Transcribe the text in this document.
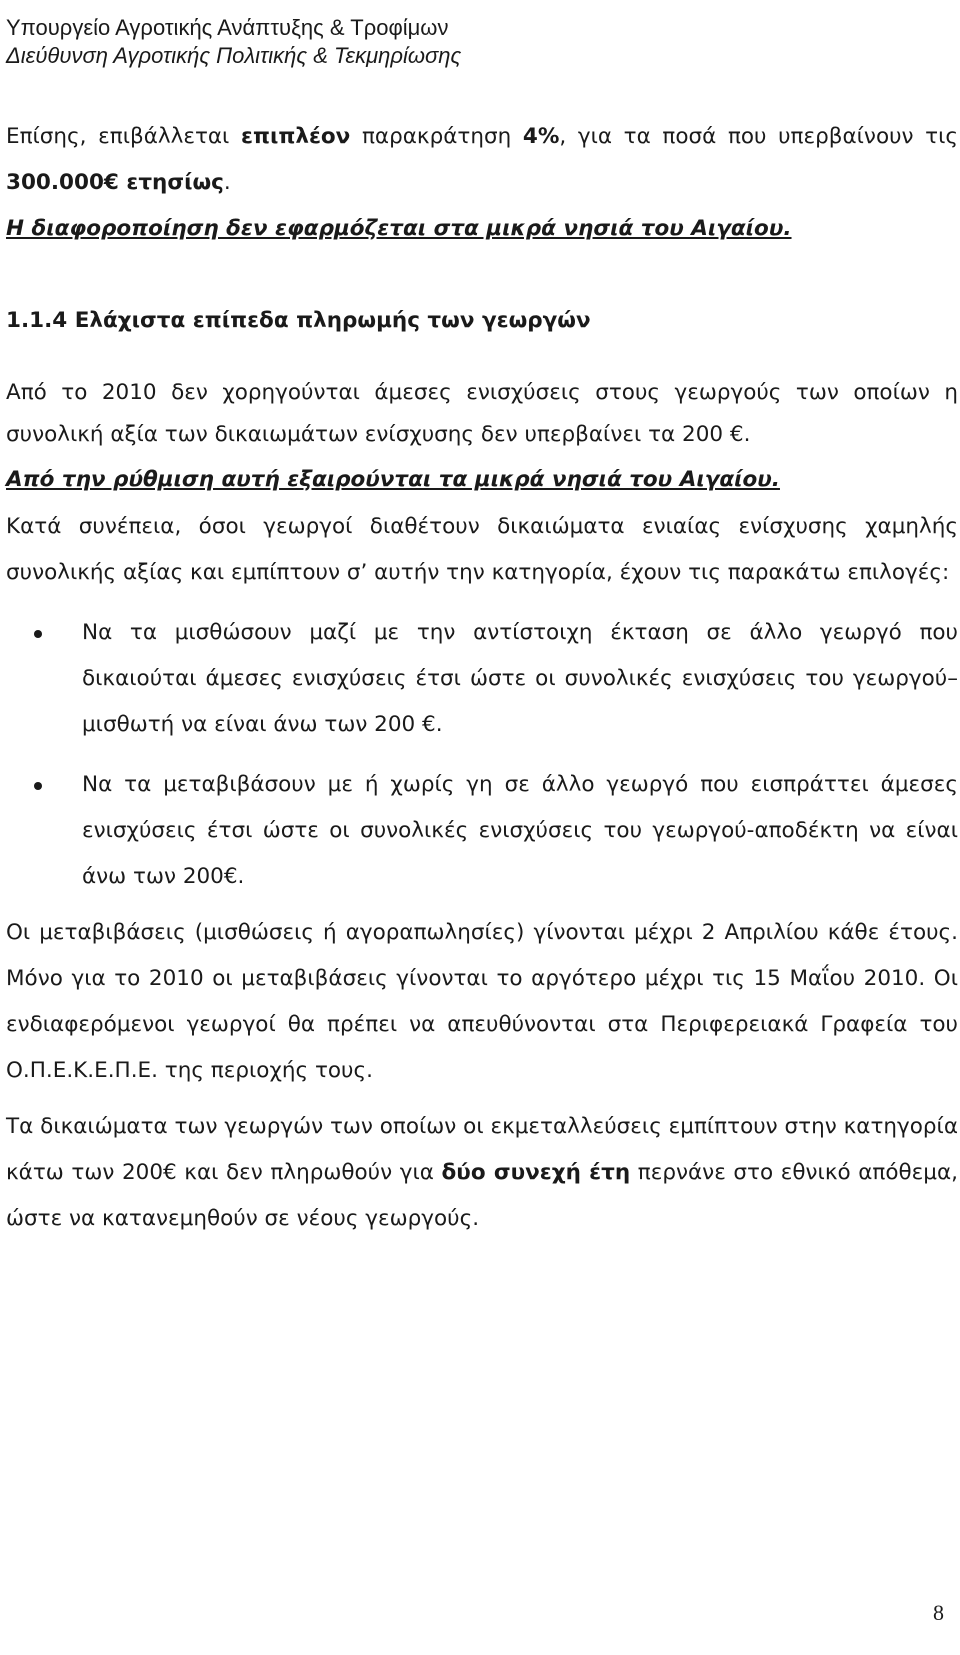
Υπουργείο Αγροτικής Ανάπτυξης & Τροφίμων
Διεύθυνση Αγροτικής Πολιτικής & Τεκμηρίωσης

Επίσης, επιβάλλεται επιπλέον παρακράτηση 4%, για τα ποσά που υπερβαίνουν τις 300.000€ ετησίως.

Η διαφοροποίηση δεν εφαρμόζεται στα μικρά νησιά του Αιγαίου.

1.1.4 Ελάχιστα επίπεδα πληρωμής των γεωργών

Από το 2010 δεν χορηγούνται άμεσες ενισχύσεις στους γεωργούς των οποίων η συνολική αξία των δικαιωμάτων ενίσχυσης δεν υπερβαίνει τα 200 €.

Από την ρύθμιση αυτή εξαιρούνται τα μικρά νησιά του Αιγαίου.

Κατά συνέπεια, όσοι γεωργοί διαθέτουν δικαιώματα ενιαίας ενίσχυσης χαμηλής συνολικής αξίας και εμπίπτουν σ’ αυτήν την κατηγορία, έχουν τις παρακάτω επιλογές:

Να τα μισθώσουν μαζί με την αντίστοιχη έκταση σε άλλο γεωργό που δικαιούται άμεσες ενισχύσεις έτσι ώστε οι συνολικές ενισχύσεις του γεωργού– μισθωτή να είναι άνω των 200 €.
Να τα μεταβιβάσουν με ή χωρίς γη σε άλλο γεωργό που εισπράττει άμεσες ενισχύσεις έτσι ώστε οι συνολικές ενισχύσεις του γεωργού-αποδέκτη να είναι άνω των 200€.

Οι μεταβιβάσεις (μισθώσεις ή αγοραπωλησίες) γίνονται μέχρι 2 Απριλίου κάθε έτους. Μόνο για το 2010 οι μεταβιβάσεις γίνονται το αργότερο μέχρι τις 15 Μαΐου 2010. Οι ενδιαφερόμενοι γεωργοί θα πρέπει να απευθύνονται στα Περιφερειακά Γραφεία του Ο.Π.Ε.Κ.Ε.Π.Ε. της περιοχής τους.

Τα δικαιώματα των γεωργών των οποίων οι εκμεταλλεύσεις εμπίπτουν στην κατηγορία κάτω των 200€ και δεν πληρωθούν για δύο συνεχή έτη περνάνε στο εθνικό απόθεμα, ώστε να κατανεμηθούν σε νέους γεωργούς.

8
